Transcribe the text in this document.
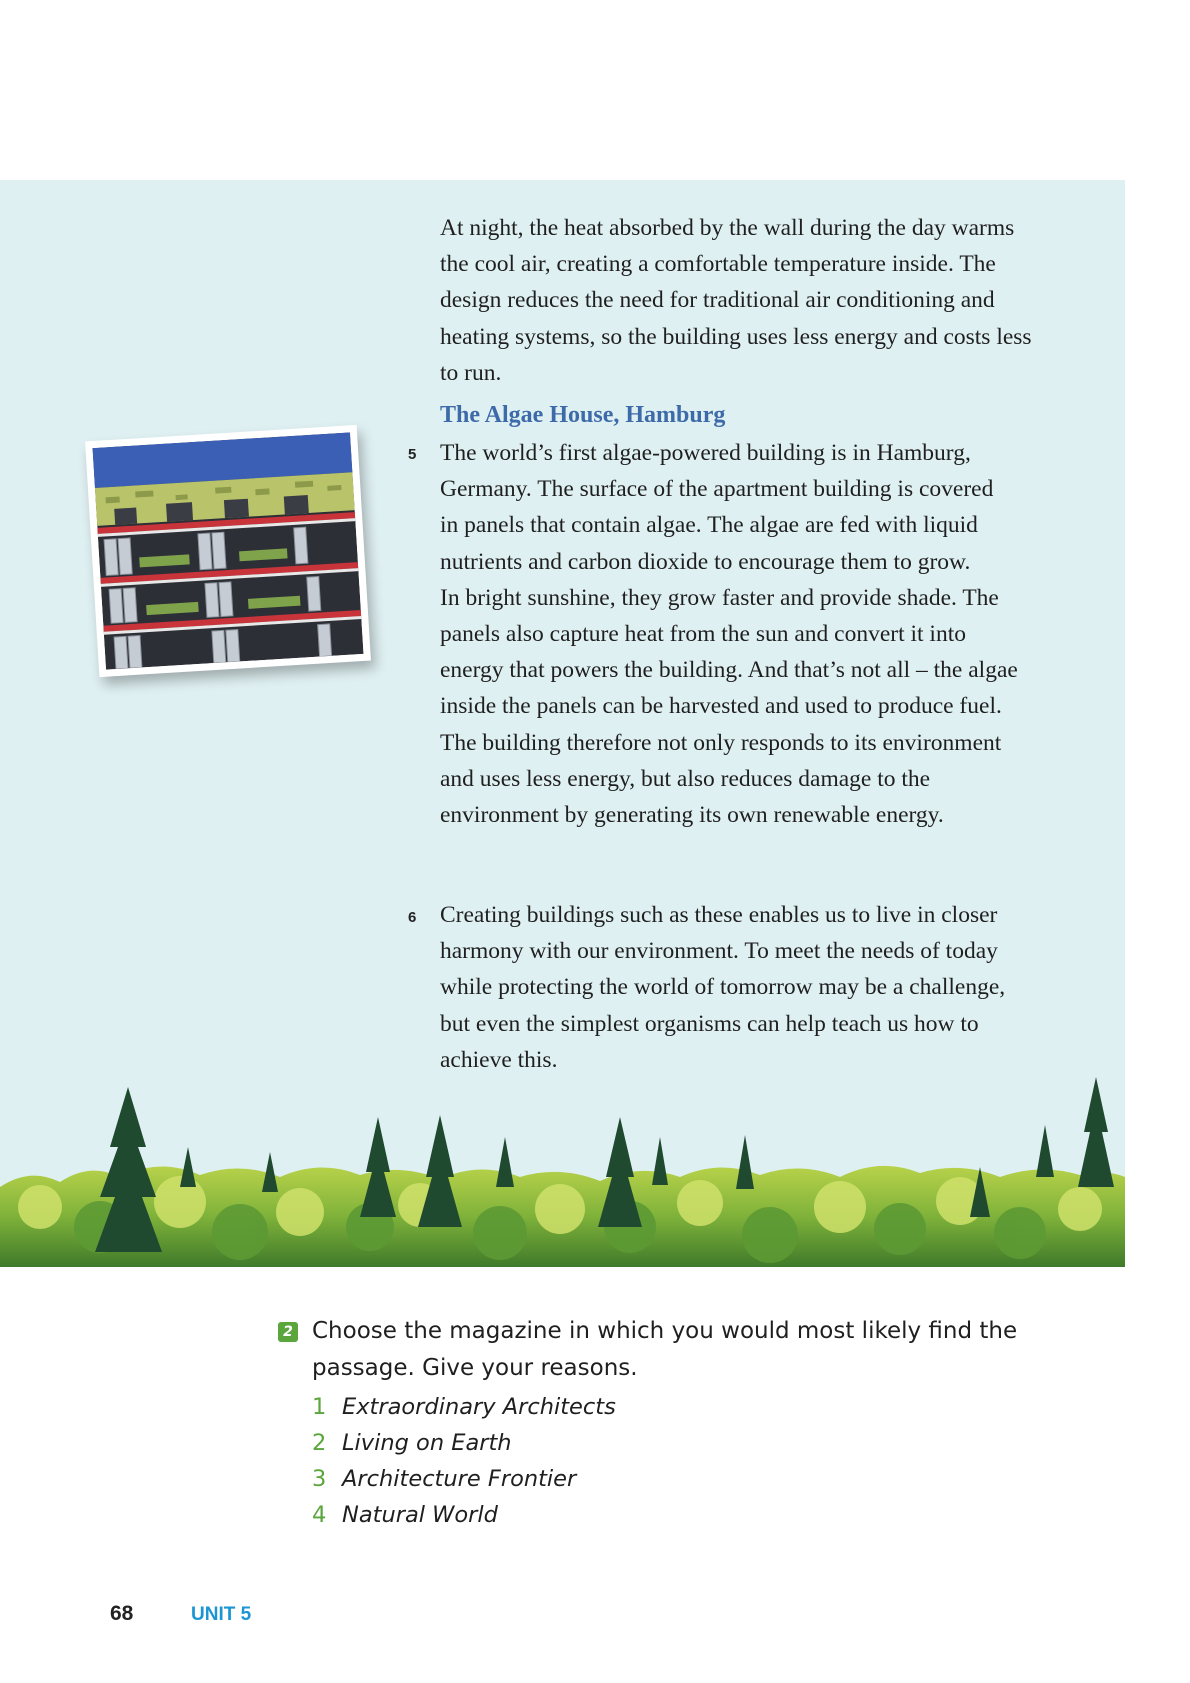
At night, the heat absorbed by the wall during the day warms

the cool air, creating a comfortable temperature inside. The

design reduces the need for traditional air conditioning and

heating systems, so the building uses less energy and costs less

to run.

The Algae House, Hamburg
5 The world’s first algae-powered building is in Hamburg,

Germany. The surface of the apartment building is covered

in panels that contain algae. The algae are fed with liquid

nutrients and carbon dioxide to encourage them to grow.

In bright sunshine, they grow faster and provide shade. The

panels also capture heat from the sun and convert it into

energy that powers the building. And that’s not all – the algae

inside the panels can be harvested and used to produce fuel.

The building therefore not only responds to its environment

and uses less energy, but also reduces damage to the

environment by generating its own renewable energy.

6 Creating buildings such as these enables us to live in closer

harmony with our environment. To meet the needs of today

while protecting the world of tomorrow may be a challenge,

but even the simplest organisms can help teach us how to

achieve this.

2 Choose the magazine in which you would most likely find the
passage. Give your reasons.
1 Extraordinary Architects
2 Living on Earth
3 Architecture Frontier
4 Natural World
68	UNIT 5
